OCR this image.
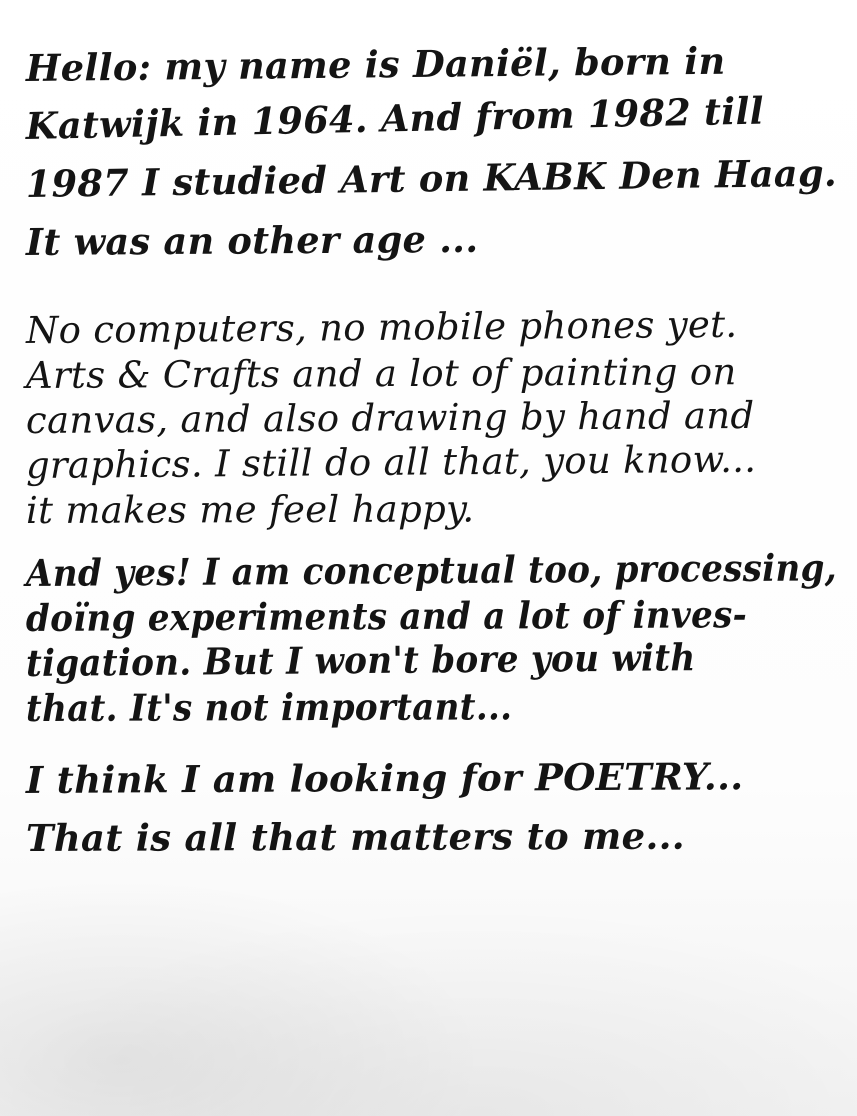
Hello: my name is Daniël, born in
Katwijk in 1964. And from 1982 till
1987 I studied Art on KABK Den Haag.
It was an other age ...
No computers, no mobile phones yet.
Arts & Crafts and a lot of painting on
canvas, and also drawing by hand and
graphics. I still do all that, you know...
it makes me feel happy.
And yes! I am conceptual too, processing,
doïng experiments and a lot of inves-
tigation. But I won't bore you with
that. It's not important...
I think I am looking for POETRY...
That is all that matters to me...
